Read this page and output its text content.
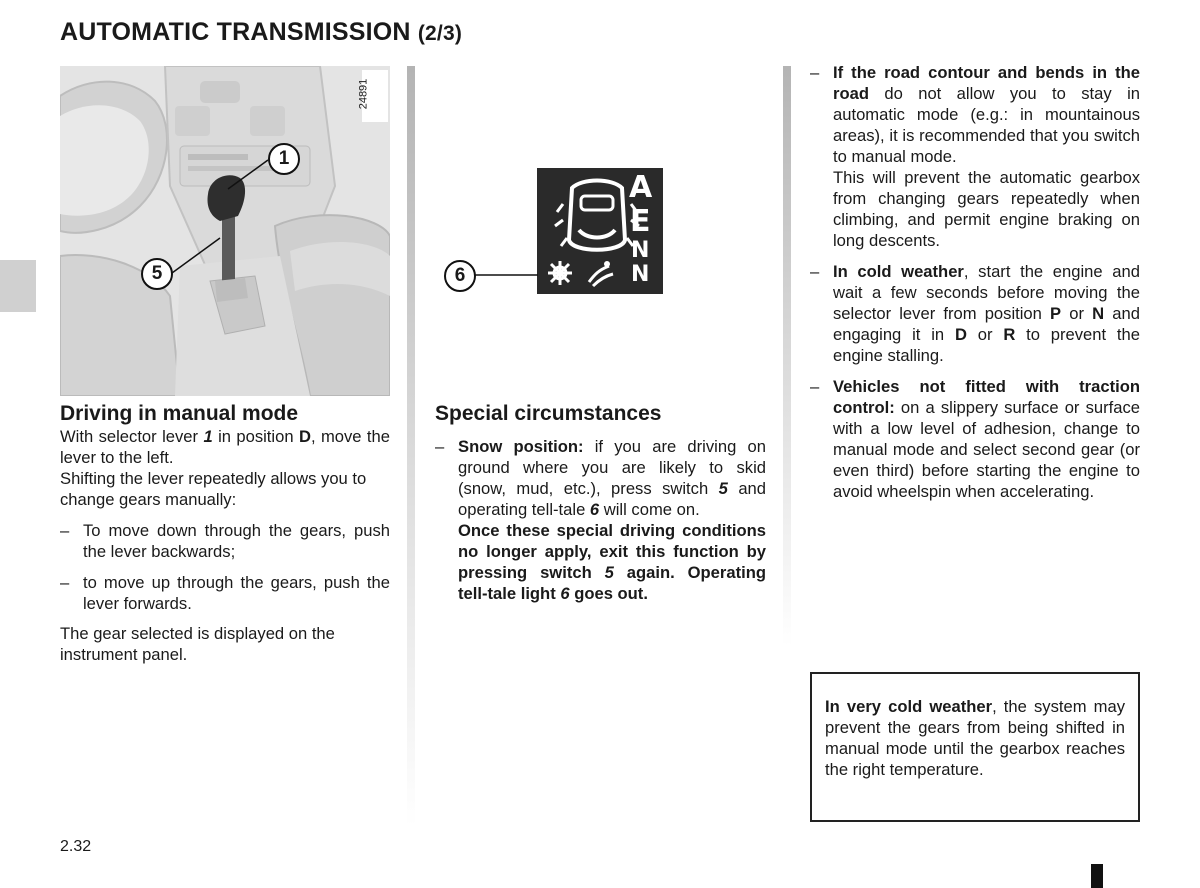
AUTOMATIC TRANSMISSION (2/3)
24891
1
5
A
E
N
N
6
Driving in manual mode

With selector lever 1 in position D, move the lever to the left.

Shifting the lever repeatedly allows you to change gears manually:

– To move down through the gears, push the lever backwards;
– to move up through the gears, push the lever forwards.

The gear selected is displayed on the instrument panel.

Special circumstances
– Snow position: if you are driving on ground where you are likely to skid (snow, mud, etc.), press switch 5 and operating tell-tale 6 will come on.
Once these special driving conditions no longer apply, exit this function by pressing switch 5 again. Operating tell-tale light 6 goes out.
– If the road contour and bends in the road do not allow you to stay in automatic mode (e.g.: in mountainous areas), it is recommended that you switch to manual mode.
This will prevent the automatic gearbox from changing gears repeatedly when climbing, and permit engine braking on long descents.
– In cold weather, start the engine and wait a few seconds before moving the selector lever from position P or N and engaging it in D or R to prevent the engine stalling.
– Vehicles not fitted with traction control: on a slippery surface or surface with a low level of adhesion, change to manual mode and select second gear (or even third) before starting the engine to avoid wheelspin when accelerating.

In very cold weather, the system may prevent the gears from being shifted in manual mode until the gearbox reaches the right temperature.

2.32
